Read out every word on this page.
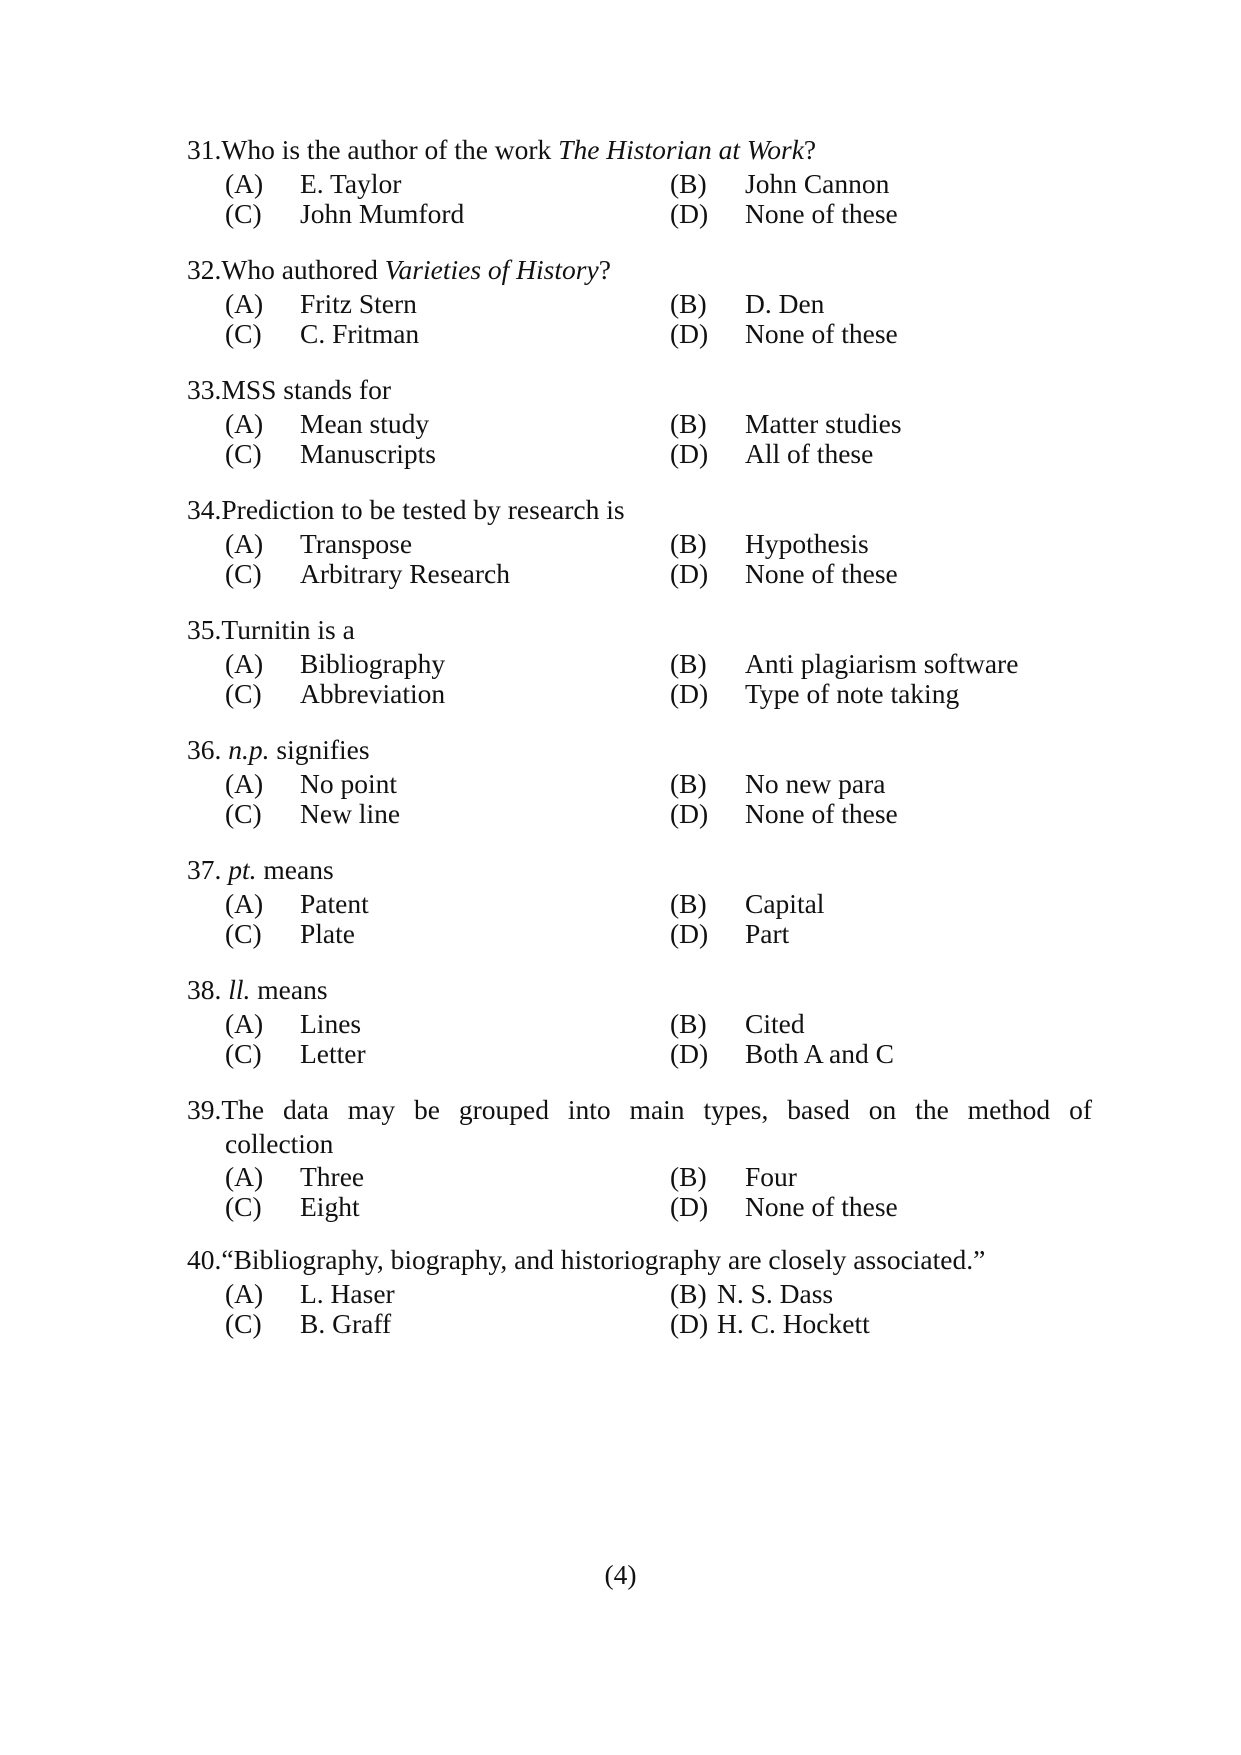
31. Who is the author of the work The Historian at Work?
(A) E. Taylor	(B) John Cannon
(C) John Mumford	(D) None of these
32. Who authored Varieties of History?
(A) Fritz Stern	(B) D. Den
(C) C. Fritman	(D) None of these
33. MSS stands for
(A) Mean study	(B) Matter studies
(C) Manuscripts	(D) All of these
34. Prediction to be tested by research is
(A) Transpose	(B) Hypothesis
(C) Arbitrary Research	(D) None of these
35. Turnitin is a
(A) Bibliography	(B) Anti plagiarism software
(C) Abbreviation	(D) Type of note taking
36. n.p. signifies
(A) No point	(B) No new para
(C) New line	(D) None of these
37. pt. means
(A) Patent	(B) Capital
(C) Plate	(D) Part
38. ll. means
(A) Lines	(B) Cited
(C) Letter	(D) Both A and C
39. The data may be grouped into main types, based on the method of
collection
(A) Three	(B) Four
(C) Eight	(D) None of these
40. “Bibliography, biography, and historiography are closely associated.”
(A) L. Haser	(B) N. S. Dass
(C) B. Graff	(D) H. C. Hockett
(4)
